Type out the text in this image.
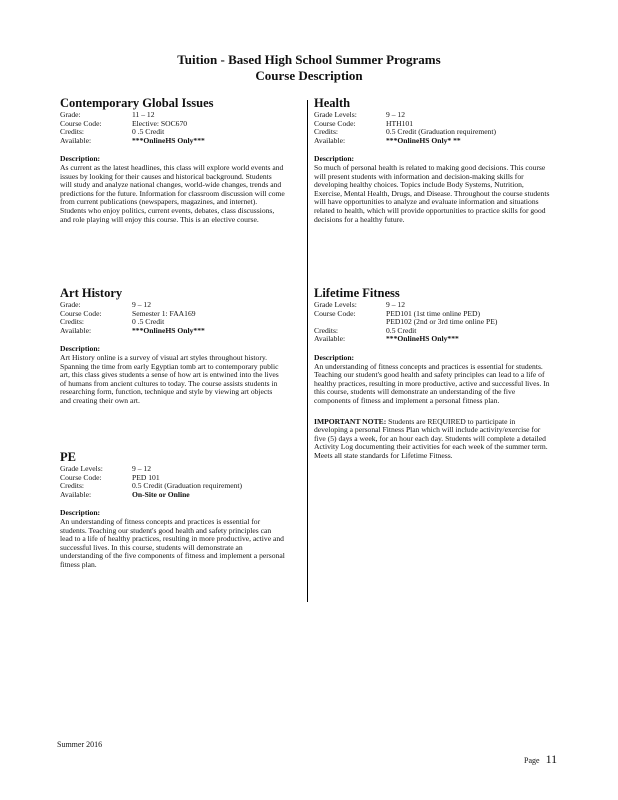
Tuition - Based High School Summer Programs
Course Description
Contemporary Global Issues
Grade:	11 – 12
Course Code:	Elective: SOC670
Credits:	0 .5 Credit
Available:	***OnlineHS Only***
Description:

As current as the latest headlines, this class will explore world events and issues by looking for their causes and historical background. Students will study and analyze national changes, world-wide changes, trends and predictions for the future. Information for classroom discussion will come from current publications (newspapers, magazines, and internet). Students who enjoy politics, current events, debates, class discussions, and role playing will enjoy this course. This is an elective course.

Art History
Grade:	9 – 12
Course Code:	Semester 1: FAA169
Credits:	0 .5 Credit
Available:	***OnlineHS Only***
Description:

Art History online is a survey of visual art styles throughout history. Spanning the time from early Egyptian tomb art to contemporary public art, this class gives students a sense of how art is entwined into the lives of humans from ancient cultures to today. The course assists students in researching form, function, technique and style by viewing art objects and creating their own art.

PE
Grade Levels:	9 – 12
Course Code:	PED 101
Credits:	0.5 Credit (Graduation requirement)
Available:	On-Site or Online
Description:

An understanding of fitness concepts and practices is essential for students. Teaching our student's good health and safety principles can lead to a life of healthy practices, resulting in more productive, active and successful lives. In this course, students will demonstrate an understanding of the five components of fitness and implement a personal fitness plan.

Health
Grade Levels:	9 – 12
Course Code:	HTH101
Credits:	0.5 Credit (Graduation requirement)
Available:	***OnlineHS Only* **
Description:

So much of personal health is related to making good decisions. This course will present students with information and decision-making skills for developing healthy choices. Topics include Body Systems, Nutrition, Exercise, Mental Health, Drugs, and Disease. Throughout the course students will have opportunities to analyze and evaluate information and situations related to health, which will provide opportunities to practice skills for good decisions for a healthy future.

Lifetime Fitness
Grade Levels:	9 – 12
Course Code:	PED101 (1st time online PED)
PED102 (2nd or 3rd time online PE)
Credits:	0.5 Credit
Available:	***OnlineHS Only***
Description:

An understanding of fitness concepts and practices is essential for students. Teaching our student's good health and safety principles can lead to a life of healthy practices, resulting in more productive, active and successful lives. In this course, students will demonstrate an understanding of the five components of fitness and implement a personal fitness plan.

IMPORTANT NOTE: Students are REQUIRED to participate in developing a personal Fitness Plan which will include activity/exercise for five (5) days a week, for an hour each day. Students will complete a detailed Activity Log documenting their activities for each week of the summer term. Meets all state standards for Lifetime Fitness.

Summer 2016
Page 11
